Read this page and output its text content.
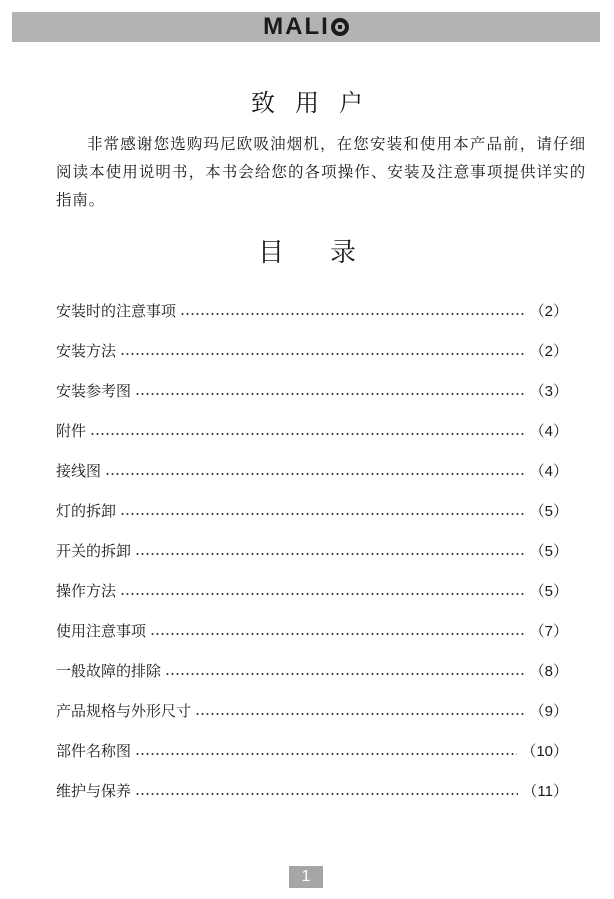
MALI
致用户

非常感谢您选购玛尼欧吸油烟机，在您安装和使用本产品前，请仔细阅读本使用说明书，本书会给您的各项操作、安装及注意事项提供详实的指南。

目录
安装时的注意事项	（2）
安装方法	（2）
安装参考图	（3）
附件	（4）
接线图	（4）
灯的拆卸	（5）
开关的拆卸	（5）
操作方法	（5）
使用注意事项	（7）
一般故障的排除	（8）
产品规格与外形尺寸	（9）
部件名称图	（10）
维护与保养	（11）
1
